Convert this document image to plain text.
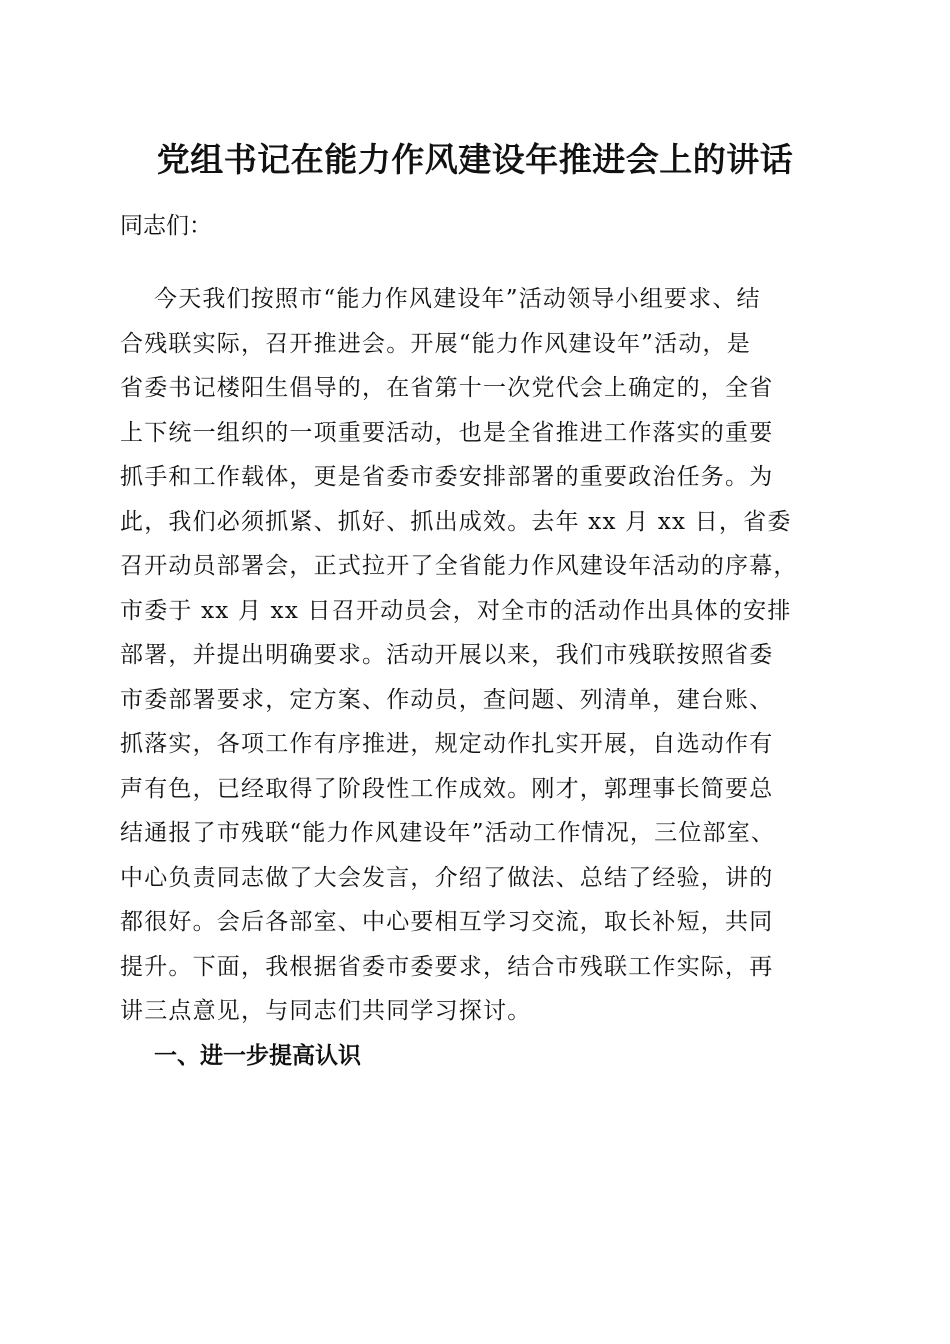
党组书记在能力作风建设年推进会上的讲话

同志们：

今天我们按照市“能力作风建设年”活动领导小组要求、结
合残联实际，召开推进会。开展“能力作风建设年”活动，是
省委书记楼阳生倡导的，在省第十一次党代会上确定的，全省
上下统一组织的一项重要活动，也是全省推进工作落实的重要
抓手和工作载体，更是省委市委安排部署的重要政治任务。为
此，我们必须抓紧、抓好、抓出成效。去年 xx 月 xx 日，省委
召开动员部署会，正式拉开了全省能力作风建设年活动的序幕，
市委于 xx 月 xx 日召开动员会，对全市的活动作出具体的安排
部署，并提出明确要求。活动开展以来，我们市残联按照省委
市委部署要求，定方案、作动员，查问题、列清单，建台账、
抓落实，各项工作有序推进，规定动作扎实开展，自选动作有
声有色，已经取得了阶段性工作成效。刚才，郭理事长简要总
结通报了市残联“能力作风建设年”活动工作情况，三位部室、
中心负责同志做了大会发言，介绍了做法、总结了经验，讲的
都很好。会后各部室、中心要相互学习交流，取长补短，共同
提升。下面，我根据省委市委要求，结合市残联工作实际，再
讲三点意见，与同志们共同学习探讨。
一、进一步提高认识
